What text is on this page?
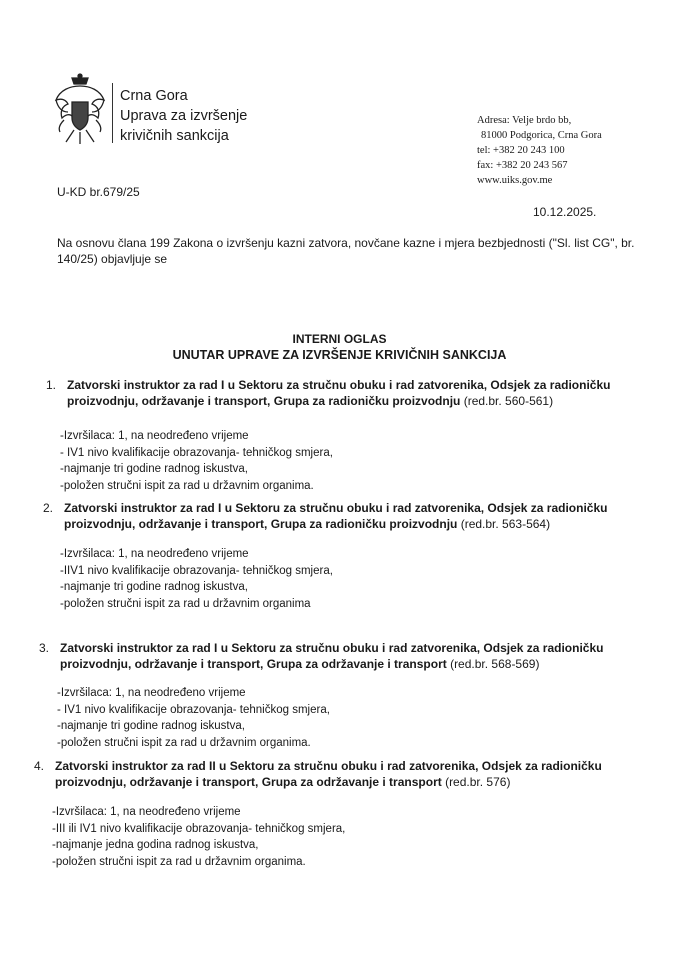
Crna Gora
Uprava za izvršenje
krivičnih sankcija
Adresa: Velje brdo bb,
81000 Podgorica, Crna Gora
tel: +382 20 243 100
fax: +382 20 243 567
www.uiks.gov.me
U-KD br.679/25
10.12.2025.
Na osnovu člana 199 Zakona o izvršenju kazni zatvora, novčane kazne i mjera bezbjednosti ("Sl. list CG", br. 140/25) objavljuje se
INTERNI OGLAS
UNUTAR UPRAVE ZA IZVRŠENJE KRIVIČNIH SANKCIJA
1. Zatvorski instruktor za rad I u Sektoru za stručnu obuku i rad zatvorenika, Odsjek za radioničku proizvodnju, održavanje i transport, Grupa za radioničku proizvodnju (red.br. 560-561)
-Izvršilaca: 1, na neodređeno vrijeme
- IV1 nivo kvalifikacije obrazovanja- tehničkog smjera,
-najmanje tri godine radnog iskustva,
-položen stručni ispit za rad u državnim organima.
2. Zatvorski instruktor za rad I u Sektoru za stručnu obuku i rad zatvorenika, Odsjek za radioničku proizvodnju, održavanje i transport, Grupa za radioničku proizvodnju (red.br. 563-564)
-Izvršilaca: 1, na neodređeno vrijeme
-IIV1 nivo kvalifikacije obrazovanja- tehničkog smjera,
-najmanje tri godine radnog iskustva,
-položen stručni ispit za rad u državnim organima
3. Zatvorski instruktor za rad I u Sektoru za stručnu obuku i rad zatvorenika, Odsjek za radioničku proizvodnju, održavanje i transport, Grupa za održavanje i transport (red.br. 568-569)
-Izvršilaca: 1, na neodređeno vrijeme
- IV1 nivo kvalifikacije obrazovanja- tehničkog smjera,
-najmanje tri godine radnog iskustva,
-položen stručni ispit za rad u državnim organima.
4. Zatvorski instruktor za rad II u Sektoru za stručnu obuku i rad zatvorenika, Odsjek za radioničku proizvodnju, održavanje i transport, Grupa za održavanje i transport (red.br. 576)
-Izvršilaca: 1, na neodređeno vrijeme
-III ili IV1 nivo kvalifikacije obrazovanja- tehničkog smjera,
-najmanje jedna godina radnog iskustva,
-položen stručni ispit za rad u državnim organima.
